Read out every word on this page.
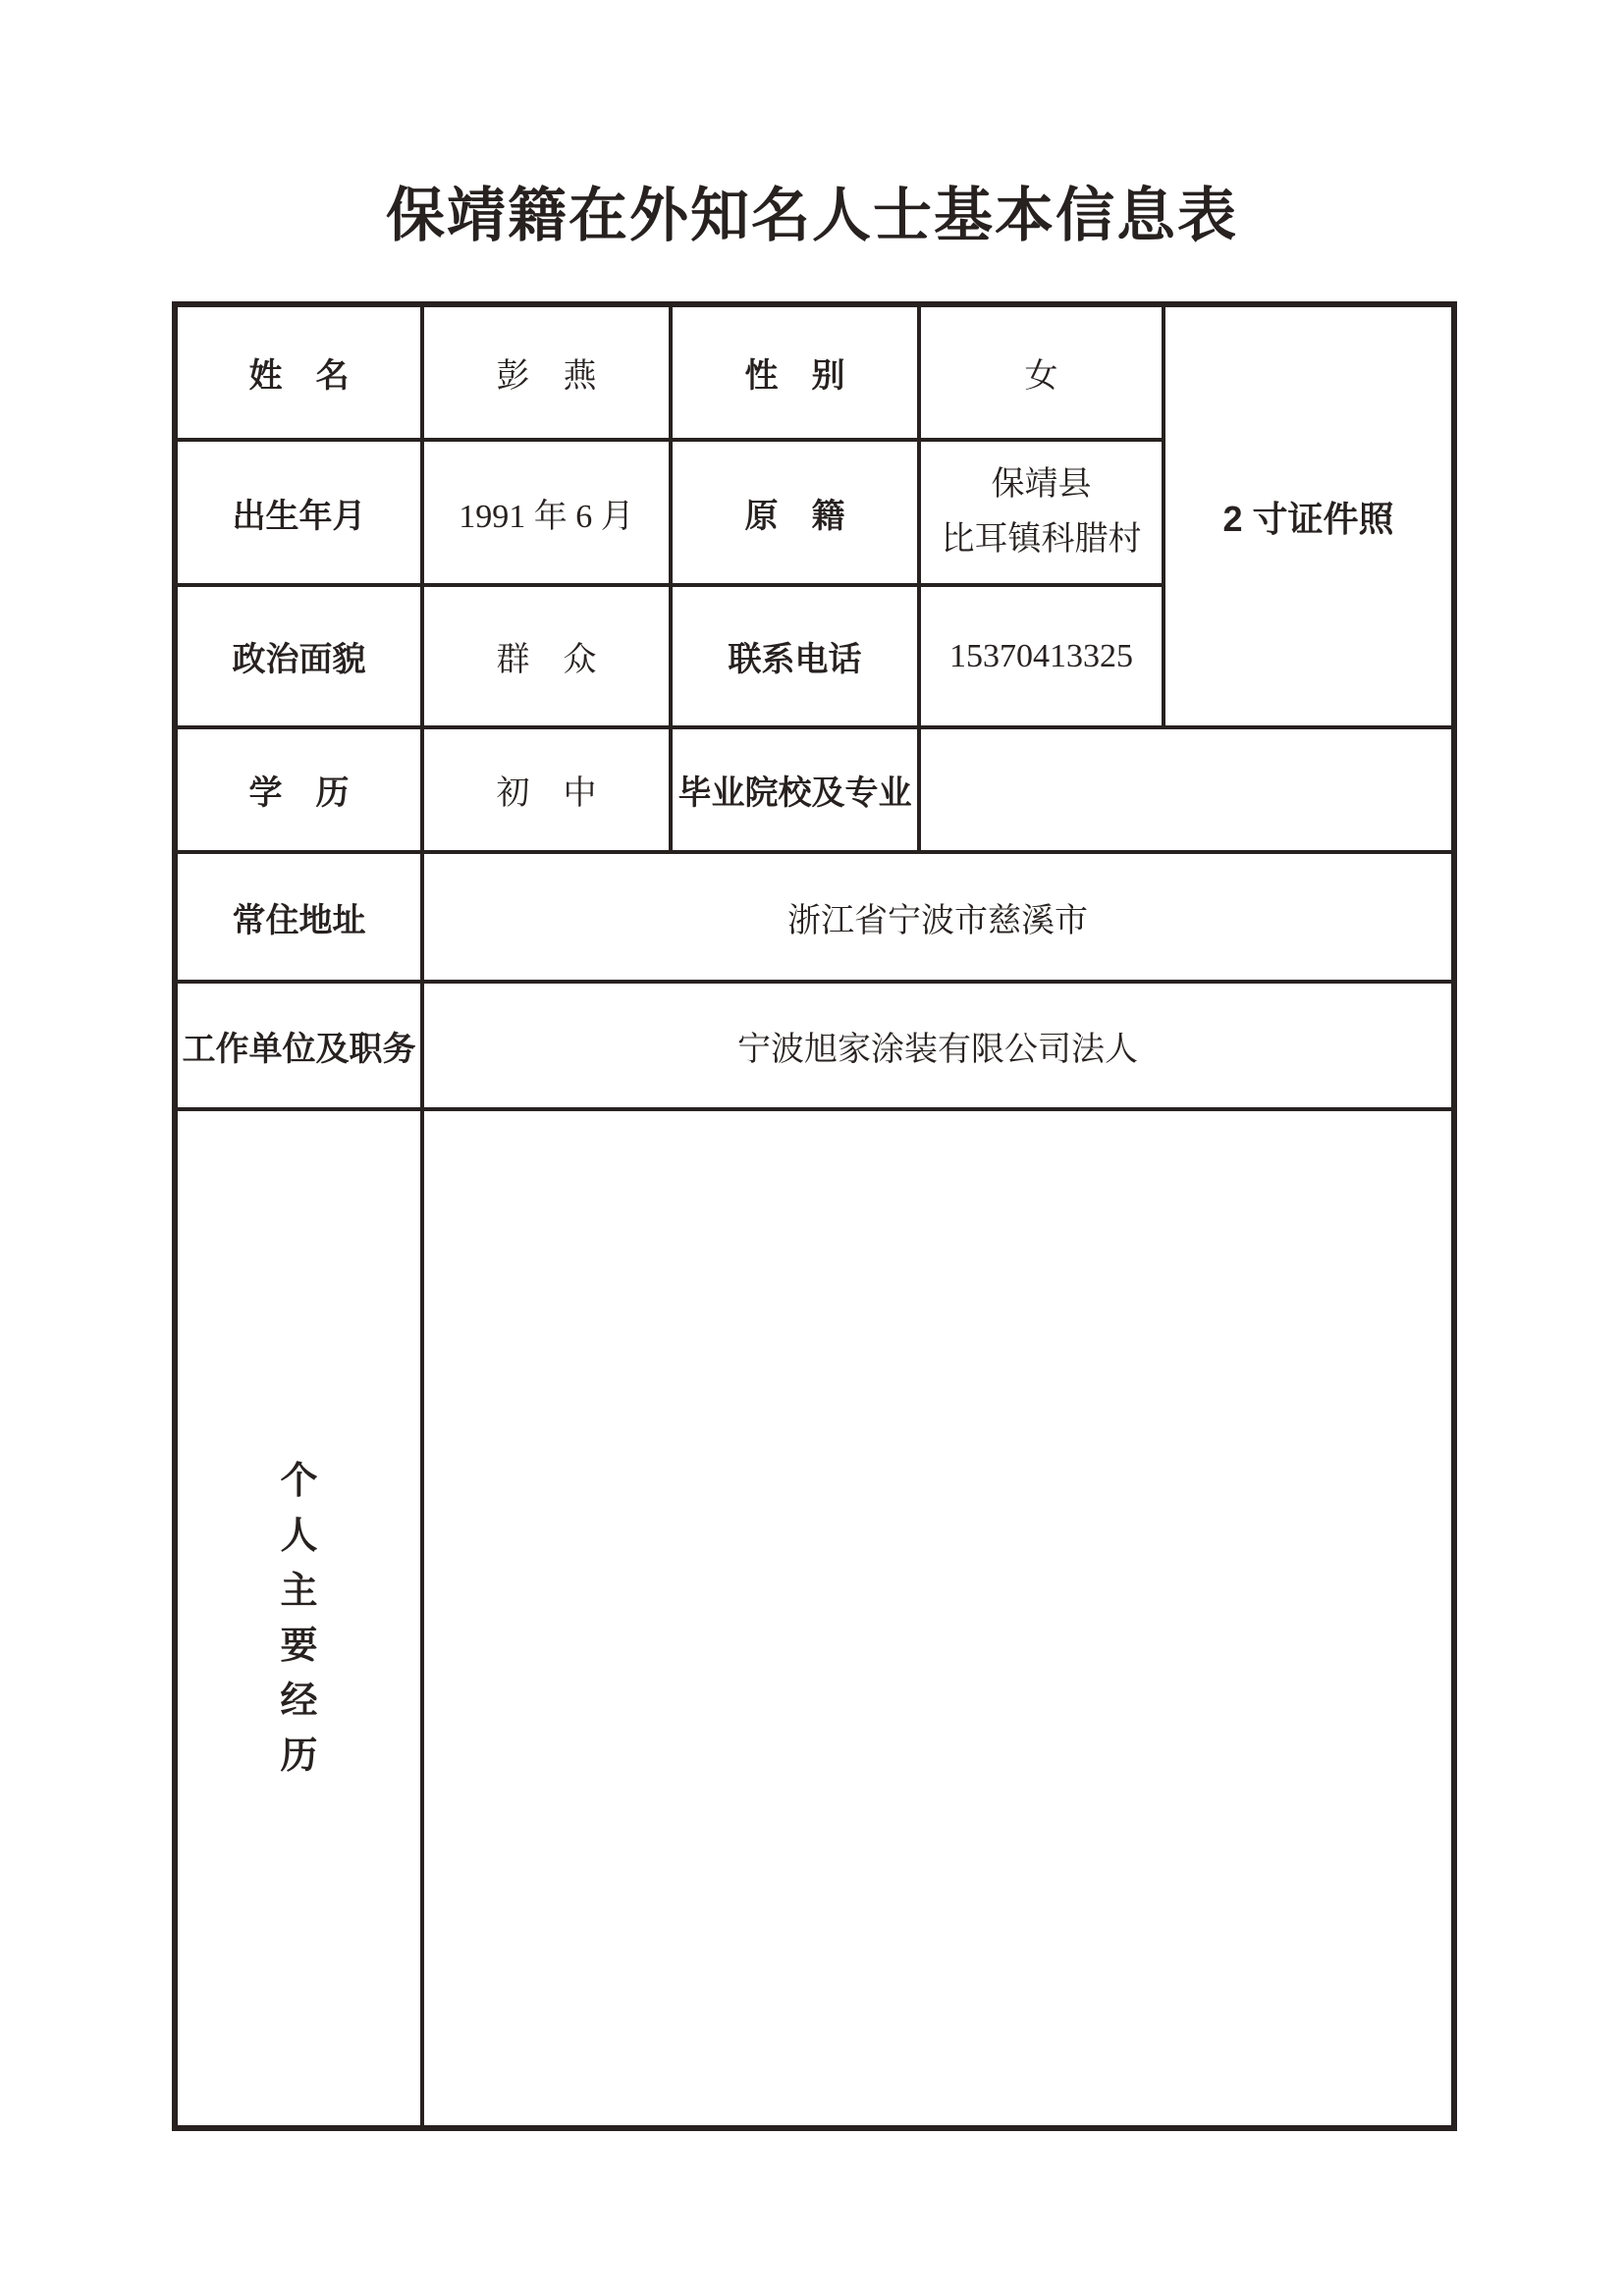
保靖籍在外知名人士基本信息表
姓　名	彭　燕	性　别	女	2 寸证件照
出生年月	1991 年 6 月	原　籍	保靖县
比耳镇科腊村	

政治面貌	群　众	联系电话	15370413325	
学　历	初　中	毕业院校及专业		
常住地址	浙江省宁波市慈溪市			
工作单位及职务	宁波旭家涂装有限公司法人			

个
人
主
要
经
历
